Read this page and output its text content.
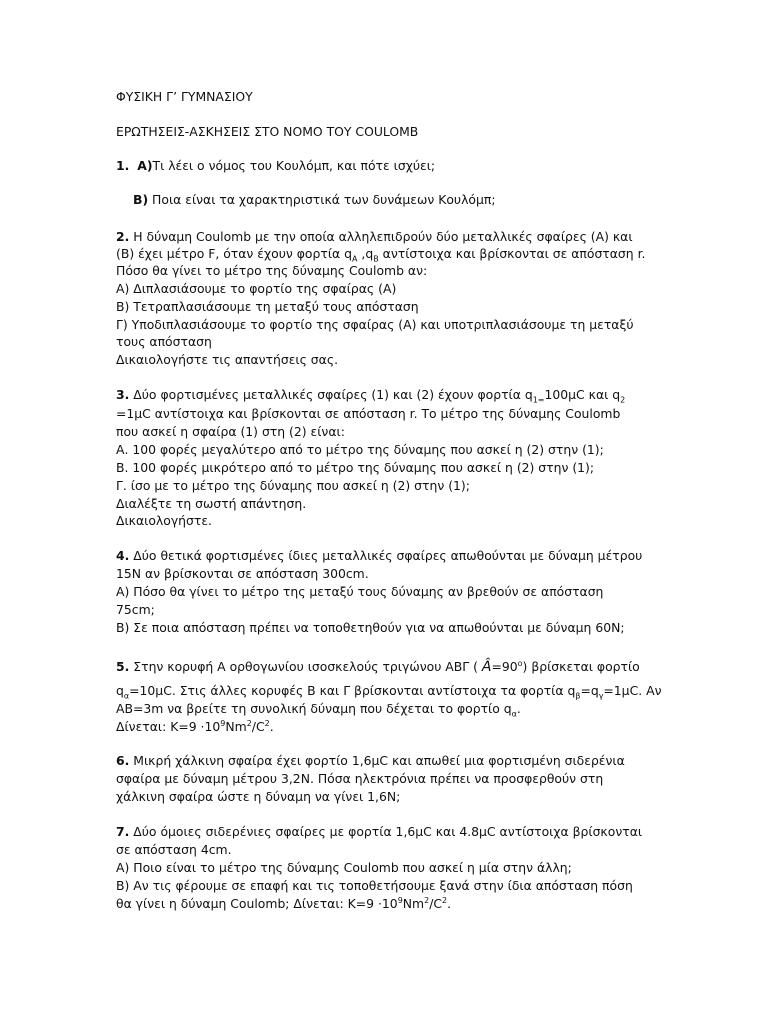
ΦΥΣΙΚΗ Γ’ ΓΥΜΝΑΣΙΟΥ

ΕΡΩΤΗΣΕΙΣ-ΑΣΚΗΣΕΙΣ ΣΤΟ ΝΟΜΟ ΤΟΥ COULOMB

1. Α)Τι λέει ο νόμος του Κουλόμπ, και πότε ισχύει;

Β) Ποια είναι τα χαρακτηριστικά των δυνάμεων Κουλόμπ;

2. Η δύναμη Coulomb με την οποία αλληλεπιδρούν δύο μεταλλικές σφαίρες (Α) και

(Β) έχει μέτρο F, όταν έχουν φορτία $q_A$ $,q_B$ αντίστοιχα και βρίσκονται σε απόσταση r.

Πόσο θα γίνει το μέτρο της δύναμης Coulomb αν:

Α) Διπλασιάσουμε το φορτίο της σφαίρας (Α)

Β) Τετραπλασιάσουμε τη μεταξύ τους απόσταση

Γ) Υποδιπλασιάσουμε το φορτίο της σφαίρας (Α) και υποτριπλασιάσουμε τη μεταξύ

τους απόσταση

Δικαιολογήστε τις απαντήσεις σας.

3. Δύο φορτισμένες μεταλλικές σφαίρες (1) και (2) έχουν φορτία $q_{1=}100\mu C$ και $q_2$

=1μC αντίστοιχα και βρίσκονται σε απόσταση r. Το μέτρο της δύναμης Coulomb

που ασκεί η σφαίρα (1) στη (2) είναι:

Α. 100 φορές μεγαλύτερο από το μέτρο της δύναμης που ασκεί η (2) στην (1);

Β. 100 φορές μικρότερο από το μέτρο της δύναμης που ασκεί η (2) στην (1);

Γ. ίσο με το μέτρο της δύναμης που ασκεί η (2) στην (1);

Διαλέξτε τη σωστή απάντηση.

Δικαιολογήστε.

4. Δύο θετικά φορτισμένες ίδιες μεταλλικές σφαίρες απωθούνται με δύναμη μέτρου

15Ν αν βρίσκονται σε απόσταση 300cm.

Α) Πόσο θα γίνει το μέτρο της μεταξύ τους δύναμης αν βρεθούν σε απόσταση

75cm;

Β) Σε ποια απόσταση πρέπει να τοποθετηθούν για να απωθούνται με δύναμη 60Ν;

5. Στην κορυφή Α ορθογωνίου ισοσκελούς τριγώνου ΑΒΓ ( $Â=90^o$) βρίσκεται φορτίο

$q_\alpha=10\mu C$. Στις άλλες κορυφές Β και Γ βρίσκονται αντίστοιχα τα φορτία $q_\beta=q_\gamma=1\mu C$. Αν

ΑΒ=3m να βρείτε τη συνολική δύναμη που δέχεται το φορτίο $q_\alpha$.

Δίνεται: $K=9 \cdot 10^9Nm^2/C^2$.

6. Μικρή χάλκινη σφαίρα έχει φορτίο 1,6μC και απωθεί μια φορτισμένη σιδερένια

σφαίρα με δύναμη μέτρου 3,2Ν. Πόσα ηλεκτρόνια πρέπει να προσφερθούν στη

χάλκινη σφαίρα ώστε η δύναμη να γίνει 1,6Ν;

7. Δύο όμοιες σιδερένιες σφαίρες με φορτία 1,6μC και 4.8μC αντίστοιχα βρίσκονται

σε απόσταση 4cm.

Α) Ποιο είναι το μέτρο της δύναμης Coulomb που ασκεί η μία στην άλλη;

Β) Αν τις φέρουμε σε επαφή και τις τοποθετήσουμε ξανά στην ίδια απόσταση πόση

θα γίνει η δύναμη Coulomb; Δίνεται: $K=9 \cdot 10^9Nm^2/C^2$.
